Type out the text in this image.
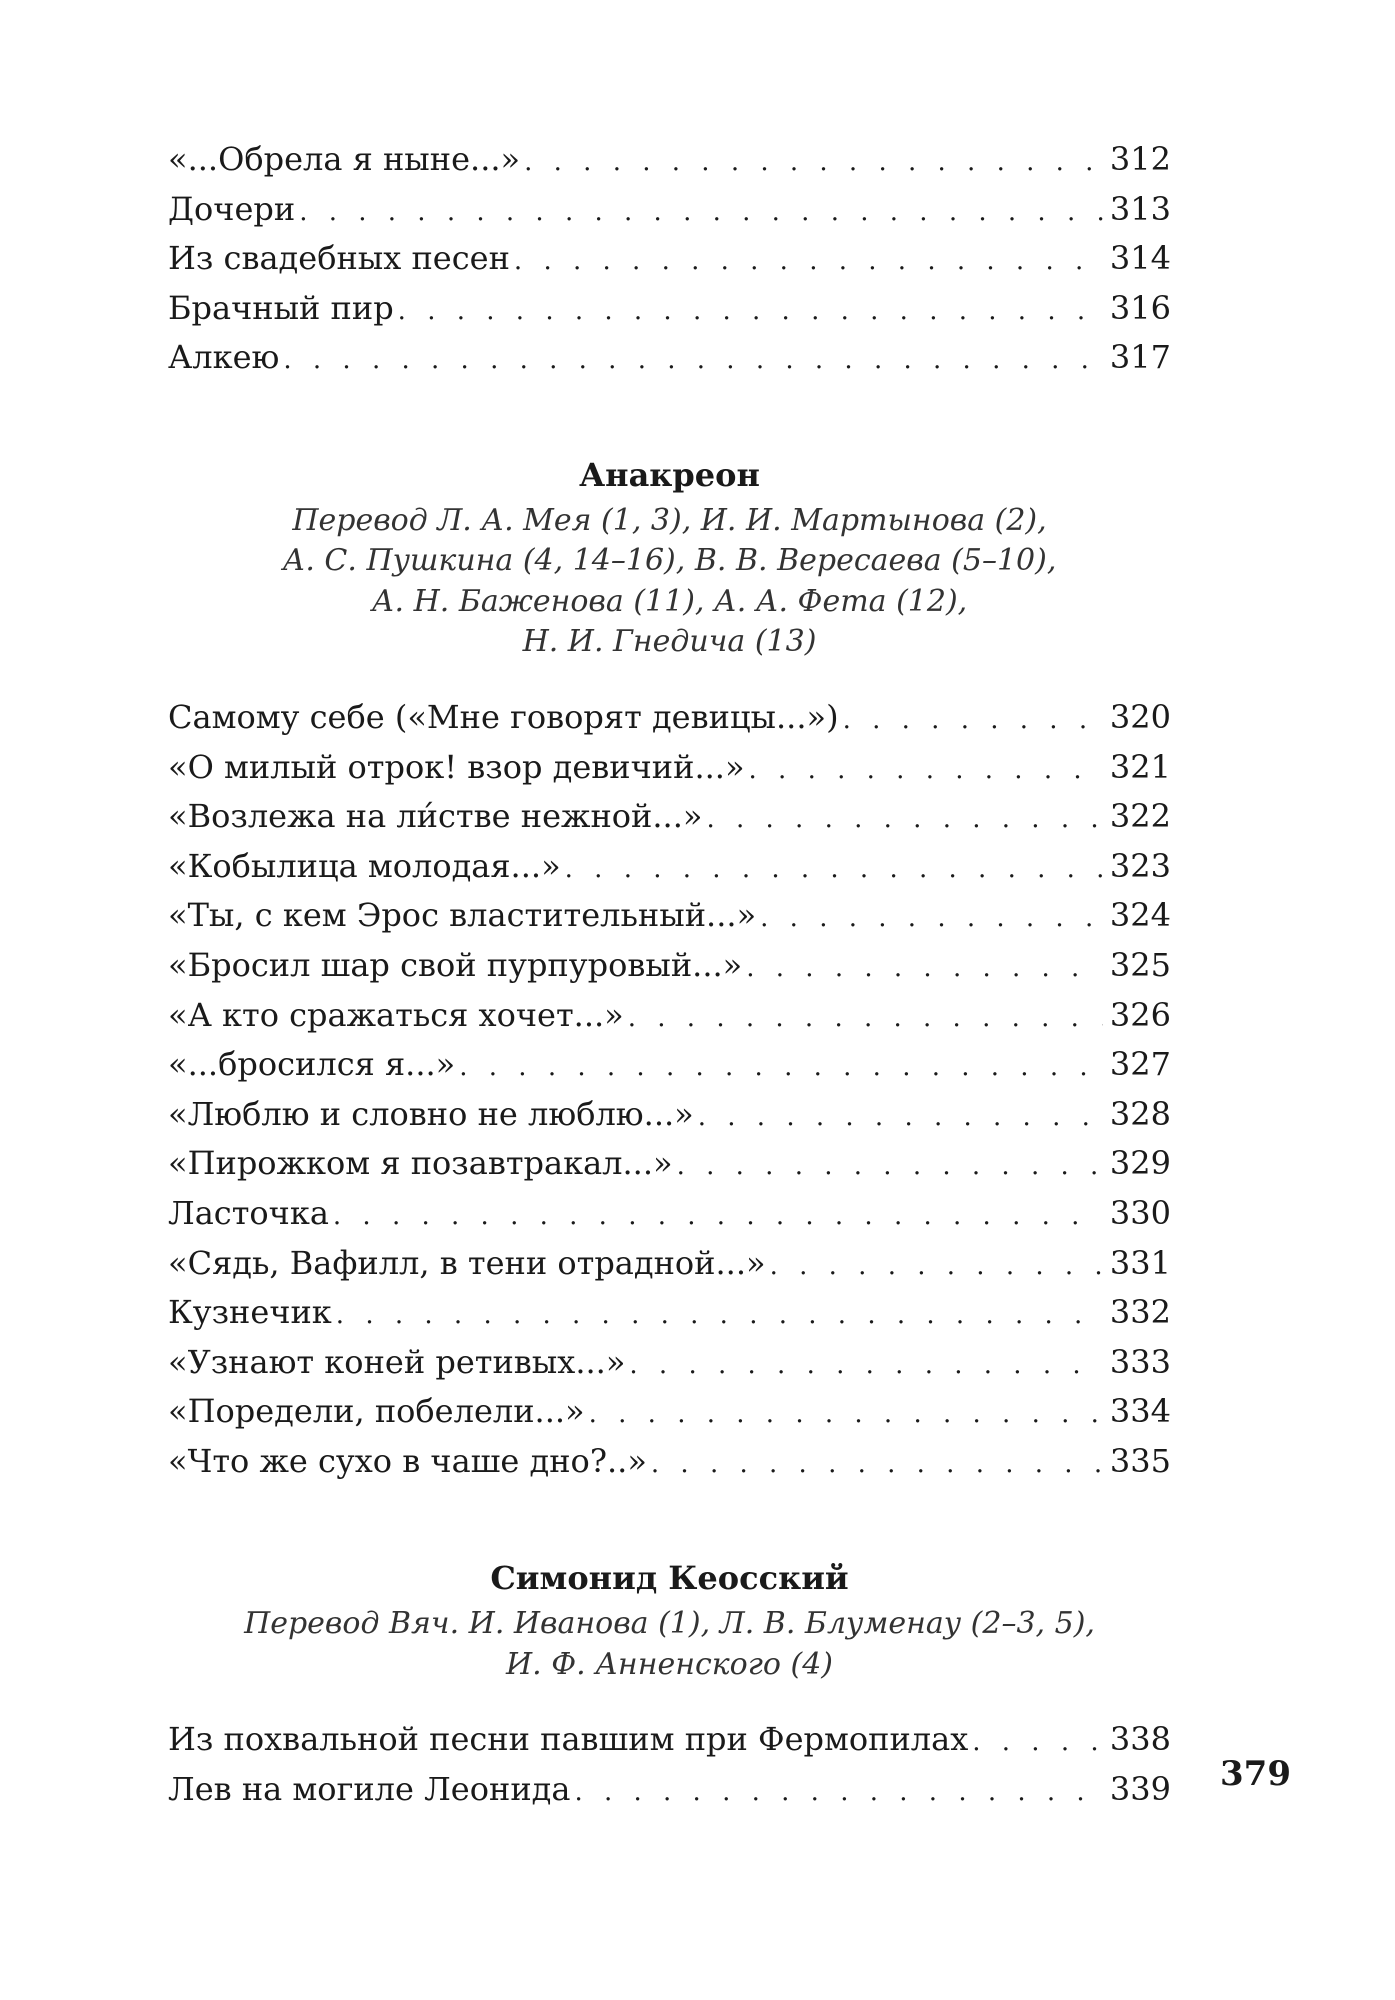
«...Обрела я ныне...» . . .	312
Дочери . . .	313
Из свадебных песен . . .	314
Брачный пир . . .	316
Алкею . . .	317
Анакреон

Перевод Л. А. Мея (1, 3), И. И. Мартынова (2),
А. С. Пушкина (4, 14–16), В. В. Вересаева (5–10),
А. Н. Баженова (11), А. А. Фета (12),
Н. И. Гнедича (13)

Самому себе («Мне говорят девицы...») . . .	320
«О милый отрок! взор девичий...» . . .	321
«Возлежа на ли́стве нежной...» . . .	322
«Кобылица молодая...» . . .	323
«Ты, с кем Эрос властительный...» . . .	324
«Бросил шар свой пурпуровый...» . . .	325
«А кто сражаться хочет...» . . .	326
«...бросился я...» . . .	327
«Люблю и словно не люблю...» . . .	328
«Пирожком я позавтракал...» . . .	329
Ласточка . . .	330
«Сядь, Вафилл, в тени отрадной...» . . .	331
Кузнечик . . .	332
«Узнают коней ретивых...» . . .	333
«Поредели, побелели...» . . .	334
«Что же сухо в чаше дно?..» . . .	335
Симонид Кеосский

Перевод Вяч. И. Иванова (1), Л. В. Блуменау (2–3, 5),
И. Ф. Анненского (4)

Из похвальной песни павшим при Фермопилах . . .	338
Лев на могиле Леонида . . .	339 379
